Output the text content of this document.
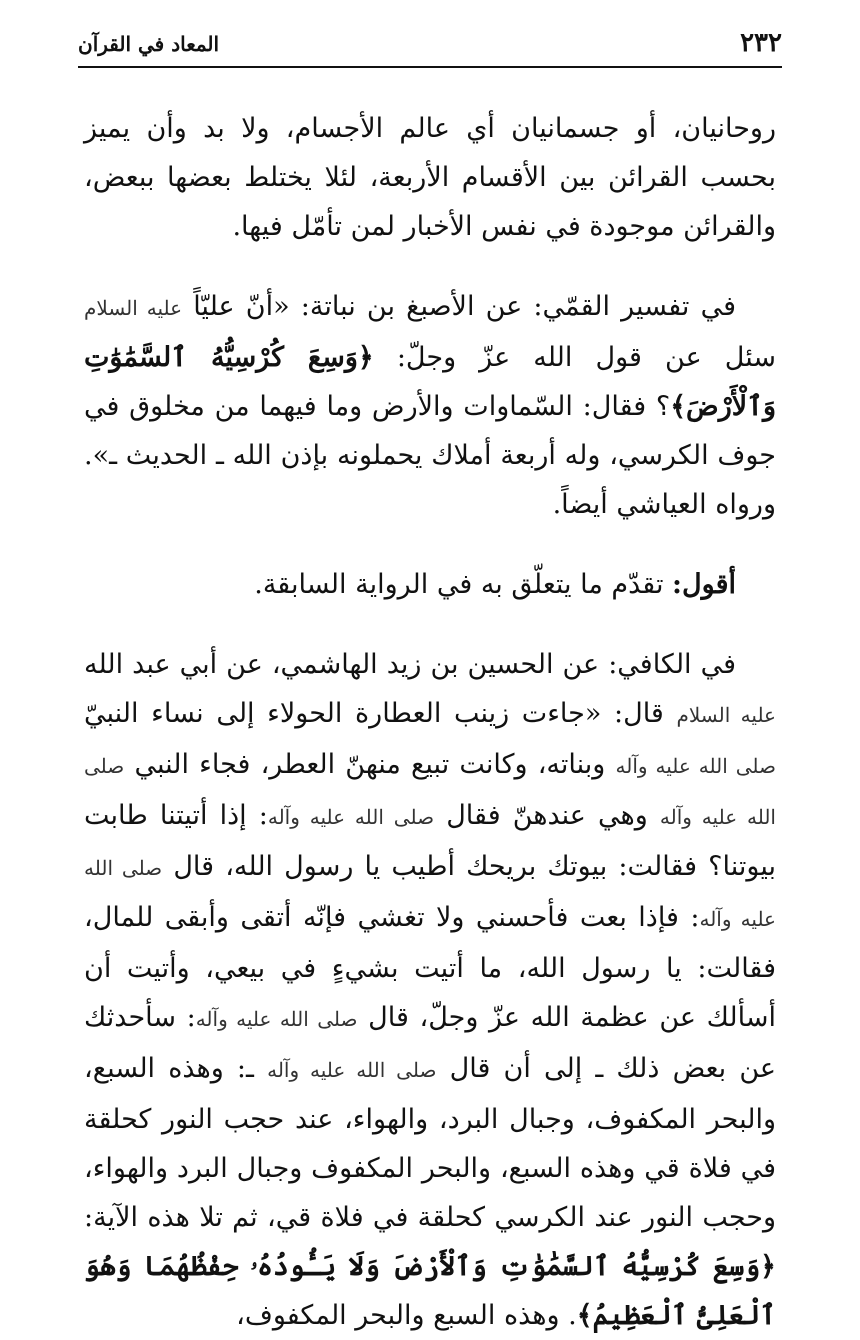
٢٣٢
المعاد في القرآن

روحانيان، أو جسمانيان أي عالم الأجسام، ولا بد وأن يميز بحسب القرائن بين الأقسام الأربعة، لئلا يختلط بعضها ببعض، والقرائن موجودة في نفس الأخبار لمن تأمّل فيها.

في تفسير القمّي: عن الأصبغ بن نباتة: «أنّ عليّاً عليه السلام سئل عن قول الله عزّ وجلّ: ﴿وَسِعَ كُرْسِيُّهُ ٱلسَّمَٰوَٰتِ وَٱلْأَرْضَ﴾؟ فقال: السّماوات والأرض وما فيهما من مخلوق في جوف الكرسي، وله أربعة أملاك يحملونه بإذن الله ـ الحديث ـ». ورواه العياشي أيضاً.

أقول: تقدّم ما يتعلّق به في الرواية السابقة.

في الكافي: عن الحسين بن زيد الهاشمي، عن أبي عبد الله عليه السلام قال: «جاءت زينب العطارة الحولاء إلى نساء النبيّ صلى الله عليه وآله وبناته، وكانت تبيع منهنّ العطر، فجاء النبي صلى الله عليه وآله وهي عندهنّ فقال صلى الله عليه وآله: إذا أتيتنا طابت بيوتنا؟ فقالت: بيوتك بريحك أطيب يا رسول الله، قال صلى الله عليه وآله: فإذا بعت فأحسني ولا تغشي فإنّه أتقى وأبقى للمال، فقالت: يا رسول الله، ما أتيت بشيءٍ في بيعي، وأتيت أن أسألك عن عظمة الله عزّ وجلّ، قال صلى الله عليه وآله: سأحدثك عن بعض ذلك ـ إلى أن قال صلى الله عليه وآله ـ: وهذه السبع، والبحر المكفوف، وجبال البرد، والهواء، عند حجب النور كحلقة في فلاة قي وهذه السبع، والبحر المكفوف وجبال البرد والهواء، وحجب النور عند الكرسي كحلقة في فلاة قي، ثم تلا هذه الآية: ﴿وَسِعَ كُرْسِيُّهُ ٱلسَّمَٰوَٰتِ وَٱلْأَرْضَ وَلَا يَـُٔودُهُۥ حِفْظُهُمَا وَهُوَ ٱلْعَلِىُّ ٱلْعَظِيمُ﴾. وهذه السبع والبحر المكفوف،
